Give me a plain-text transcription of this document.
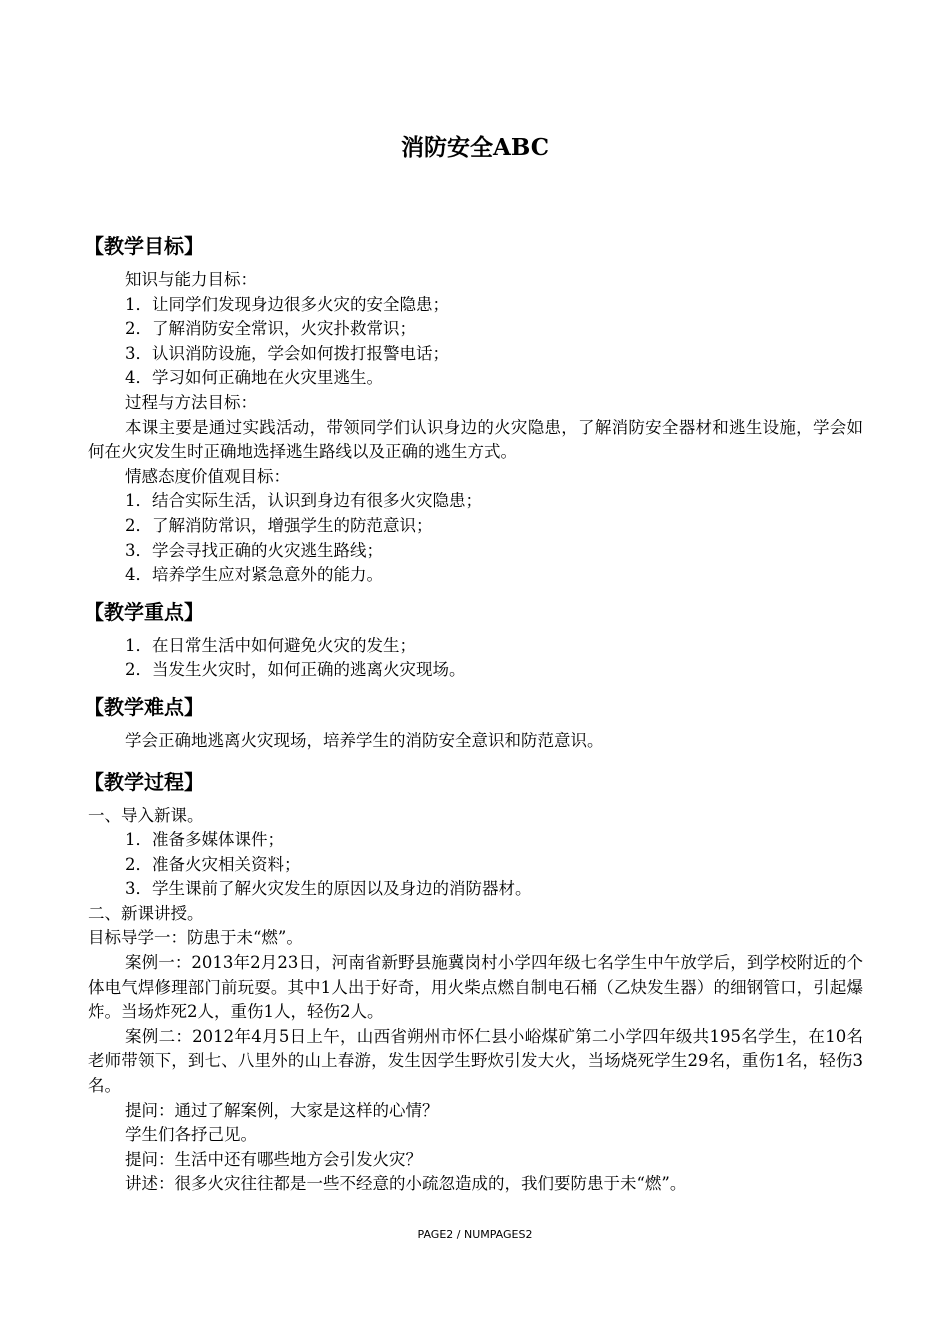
消防安全ABC
【教学目标】

知识与能力目标：

1．让同学们发现身边很多火灾的安全隐患；

2．了解消防安全常识，火灾扑救常识；

3．认识消防设施，学会如何拨打报警电话；

4．学习如何正确地在火灾里逃生。

过程与方法目标：

本课主要是通过实践活动，带领同学们认识身边的火灾隐患，了解消防安全器材和逃生设施，学会如何在火灾发生时正确地选择逃生路线以及正确的逃生方式。

情感态度价值观目标：

1．结合实际生活，认识到身边有很多火灾隐患；

2．了解消防常识，增强学生的防范意识；

3．学会寻找正确的火灾逃生路线；

4．培养学生应对紧急意外的能力。

【教学重点】

1．在日常生活中如何避免火灾的发生；

2．当发生火灾时，如何正确的逃离火灾现场。

【教学难点】

学会正确地逃离火灾现场，培养学生的消防安全意识和防范意识。

【教学过程】

一、导入新课。

1．准备多媒体课件；

2．准备火灾相关资料；

3．学生课前了解火灾发生的原因以及身边的消防器材。

二、新课讲授。

目标导学一：防患于未“燃”。

案例一：2013年2月23日，河南省新野县施冀岗村小学四年级七名学生中午放学后，到学校附近的个体电气焊修理部门前玩耍。其中1人出于好奇，用火柴点燃自制电石桶（乙炔发生器）的细钢管口，引起爆炸。当场炸死2人，重伤1人，轻伤2人。

案例二：2012年4月5日上午，山西省朔州市怀仁县小峪煤矿第二小学四年级共195名学生，在10名老师带领下，到七、八里外的山上春游，发生因学生野炊引发大火，当场烧死学生29名，重伤1名，轻伤3名。

提问：通过了解案例，大家是这样的心情？

学生们各抒己见。

提问：生活中还有哪些地方会引发火灾？

讲述：很多火灾往往都是一些不经意的小疏忽造成的，我们要防患于未“燃”。

PAGE2 / NUMPAGES2
